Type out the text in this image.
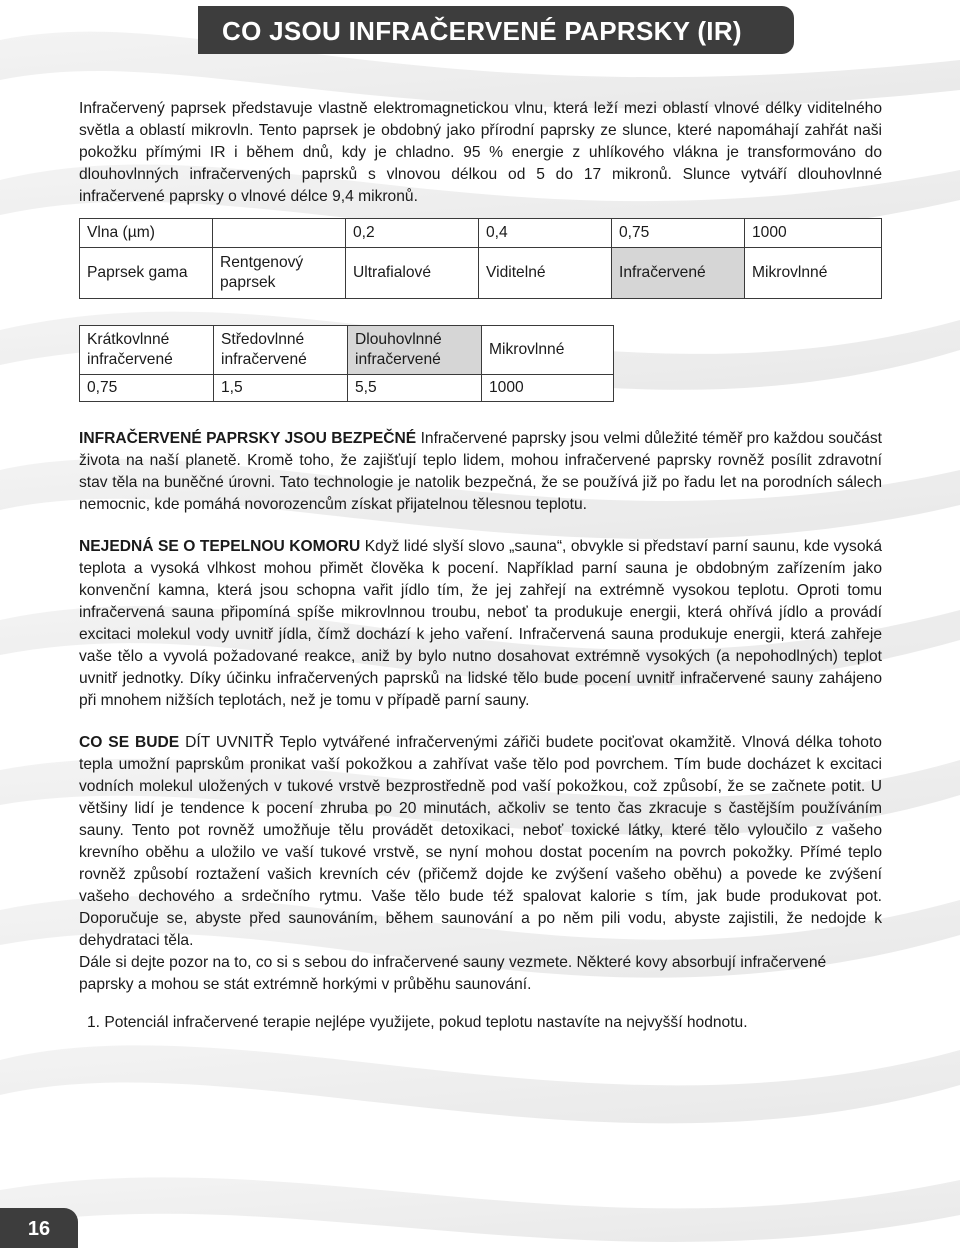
CO JSOU INFRAČERVENÉ PAPRSKY (IR)

Infračervený paprsek představuje vlastně elektromagnetickou vlnu, která leží mezi oblastí vlnové délky viditelného světla a oblastí mikrovln. Tento paprsek je obdobný jako přírodní paprsky ze slunce, které napomáhají zahřát naši pokožku přímými IR i během dnů, kdy je chladno. 95 % energie z uhlíkového vlákna je transformováno do dlouhovlnných infračervených paprsků s vlnovou délkou od 5 do 17 mikronů. Slunce vytváří dlouhovlnné infračervené paprsky o vlnové délce 9,4 mikronů.

Vlna (µm)		0,2	0,4	0,75	1000
Paprsek gama	Rentgenový paprsek	Ultrafialové	Viditelné	Infračervené	Mikrovlnné
Krátkovlnné infračervené	Středovlnné infračervené	Dlouhovlnné infračervené	Mikrovlnné
0,75	1,5	5,5	1000

INFRAČERVENÉ PAPRSKY JSOU BEZPEČNÉ Infračervené paprsky jsou velmi důležité téměř pro každou součást života na naší planetě. Kromě toho, že zajišťují teplo lidem, mohou infračervené paprsky rovněž posílit zdravotní stav těla na buněčné úrovni. Tato technologie je natolik bezpečná, že se používá již po řadu let na porodních sálech nemocnic, kde pomáhá novorozencům získat přijatelnou tělesnou teplotu.

NEJEDNÁ SE O TEPELNOU KOMORU Když lidé slyší slovo „sauna“, obvykle si představí parní saunu, kde vysoká teplota a vysoká vlhkost mohou přimět člověka k pocení. Například parní sauna je obdobným zařízením jako konvenční kamna, která jsou schopna vařit jídlo tím, že jej zahřejí na extrémně vysokou teplotu. Oproti tomu infračervená sauna připomíná spíše mikrovlnnou troubu, neboť ta produkuje energii, která ohřívá jídlo a provádí excitaci molekul vody uvnitř jídla, čímž dochází k jeho vaření. Infračervená sauna produkuje energii, která zahřeje vaše tělo a vyvolá požadované reakce, aniž by bylo nutno dosahovat extrémně vysokých (a nepohodlných) teplot uvnitř jednotky. Díky účinku infračervených paprsků na lidské tělo bude pocení uvnitř infračervené sauny zahájeno při mnohem nižších teplotách, než je tomu v případě parní sauny.

CO SE BUDE DÍT UVNITŘ Teplo vytvářené infračervenými zářiči budete pociťovat okamžitě. Vlnová délka tohoto tepla umožní paprskům pronikat vaší pokožkou a zahřívat vaše tělo pod povrchem. Tím bude docházet k excitaci vodních molekul uložených v tukové vrstvě bezprostředně pod vaší pokožkou, což způsobí, že se začnete potit. U většiny lidí je tendence k pocení zhruba po 20 minutách, ačkoliv se tento čas zkracuje s častějším používáním sauny. Tento pot rovněž umožňuje tělu provádět detoxikaci, neboť toxické látky, které tělo vyloučilo z vašeho krevního oběhu a uložilo ve vaší tukové vrstvě, se nyní mohou dostat pocením na povrch pokožky. Přímé teplo rovněž způsobí roztažení vašich krevních cév (přičemž dojde ke zvýšení vašeho oběhu) a povede ke zvýšení vašeho dechového a srdečního rytmu. Vaše tělo bude též spalovat kalorie s tím, jak bude produkovat pot. Doporučuje se, abyste před saunováním, během saunování a po něm pili vodu, abyste zajistili, že nedojde k dehydrataci těla.

Dále si dejte pozor na to, co si s sebou do infračervené sauny vezmete. Některé kovy absorbují infračervené paprsky a mohou se stát extrémně horkými v průběhu saunování.

1. Potenciál infračervené terapie nejlépe využijete, pokud teplotu nastavíte na nejvyšší hodnotu.

16
